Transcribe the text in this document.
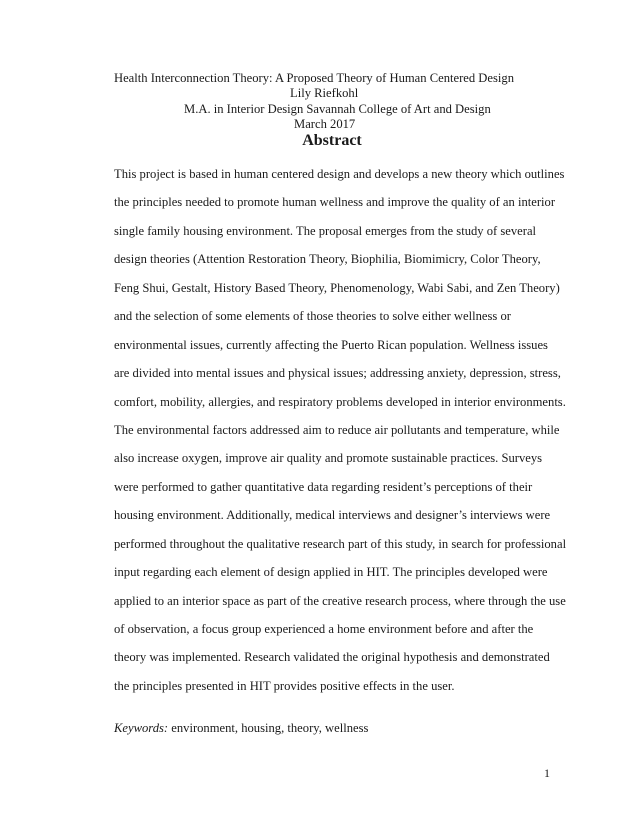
Health Interconnection Theory: A Proposed Theory of Human Centered Design
Lily Riefkohl
M.A. in Interior Design Savannah College of Art and Design
March 2017
Abstract
This project is based in human centered design and develops a new theory which outlines
the principles needed to promote human wellness and improve the quality of an interior
single family housing environment. The proposal emerges from the study of several
design theories (Attention Restoration Theory, Biophilia, Biomimicry, Color Theory,
Feng Shui, Gestalt, History Based Theory, Phenomenology, Wabi Sabi, and Zen Theory)
and the selection of some elements of those theories to solve either wellness or
environmental issues, currently affecting the Puerto Rican population. Wellness issues
are divided into mental issues and physical issues; addressing anxiety, depression, stress,
comfort, mobility, allergies, and respiratory problems developed in interior environments.
The environmental factors addressed aim to reduce air pollutants and temperature, while
also increase oxygen, improve air quality and promote sustainable practices. Surveys
were performed to gather quantitative data regarding resident’s perceptions of their
housing environment. Additionally, medical interviews and designer’s interviews were
performed throughout the qualitative research part of this study, in search for professional
input regarding each element of design applied in HIT. The principles developed were
applied to an interior space as part of the creative research process, where through the use
of observation, a focus group experienced a home environment before and after the
theory was implemented. Research validated the original hypothesis and demonstrated
the principles presented in HIT provides positive effects in the user.
Keywords: environment, housing, theory, wellness
1
